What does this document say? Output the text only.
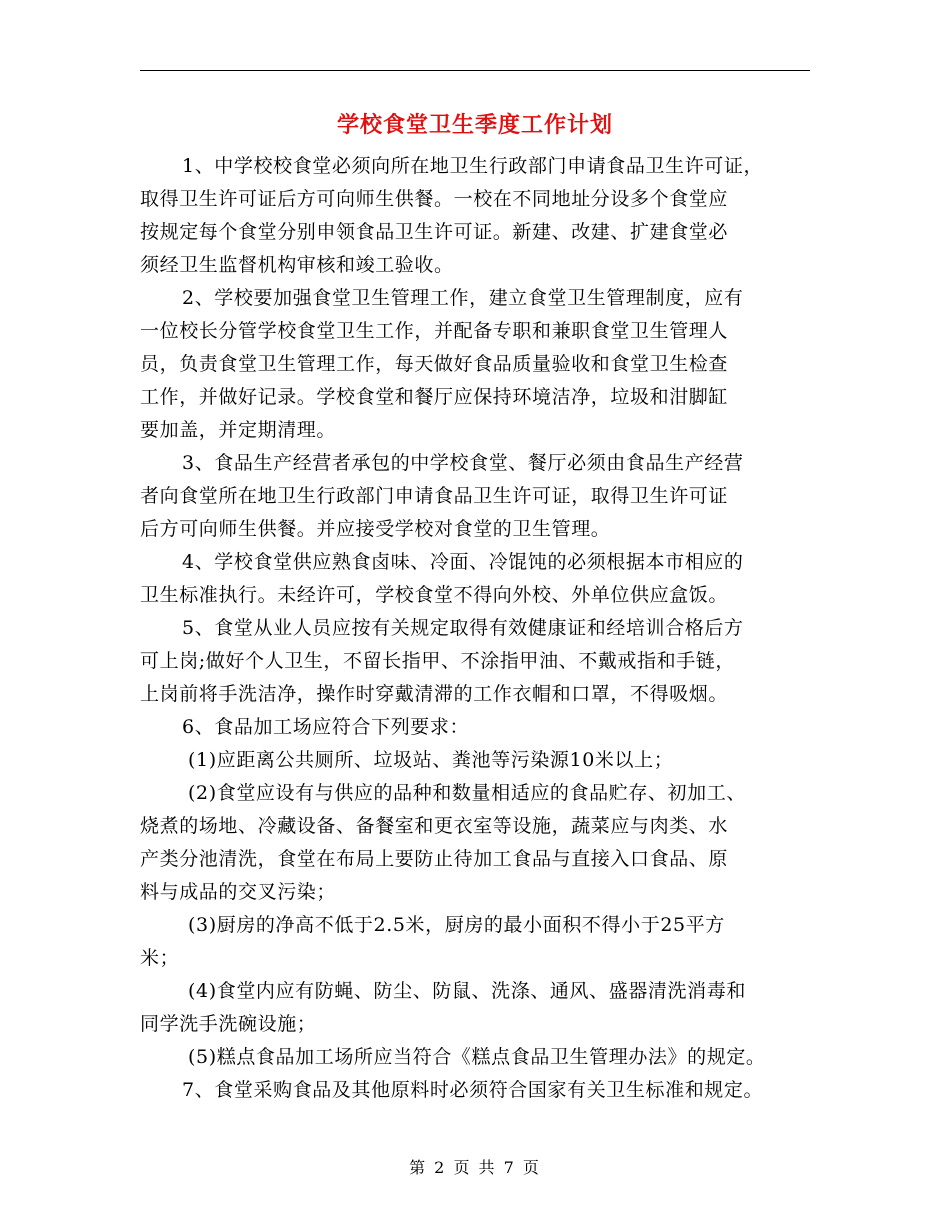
学校食堂卫生季度工作计划
1、中学校校食堂必须向所在地卫生行政部门申请食品卫生许可证，
取得卫生许可证后方可向师生供餐。一校在不同地址分设多个食堂应
按规定每个食堂分别申领食品卫生许可证。新建、改建、扩建食堂必
须经卫生监督机构审核和竣工验收。
2、学校要加强食堂卫生管理工作，建立食堂卫生管理制度，应有
一位校长分管学校食堂卫生工作，并配备专职和兼职食堂卫生管理人
员，负责食堂卫生管理工作，每天做好食品质量验收和食堂卫生检查
工作，并做好记录。学校食堂和餐厅应保持环境洁净，垃圾和泔脚缸
要加盖，并定期清理。
3、食品生产经营者承包的中学校食堂、餐厅必须由食品生产经营
者向食堂所在地卫生行政部门申请食品卫生许可证，取得卫生许可证
后方可向师生供餐。并应接受学校对食堂的卫生管理。
4、学校食堂供应熟食卤味、冷面、冷馄饨的必须根据本市相应的
卫生标准执行。未经许可，学校食堂不得向外校、外单位供应盒饭。
5、食堂从业人员应按有关规定取得有效健康证和经培训合格后方
可上岗;做好个人卫生，不留长指甲、不涂指甲油、不戴戒指和手链，
上岗前将手洗洁净，操作时穿戴清滞的工作衣帽和口罩，不得吸烟。
6、食品加工场应符合下列要求：
(1)应距离公共厕所、垃圾站、粪池等污染源10米以上；
(2)食堂应设有与供应的品种和数量相适应的食品贮存、初加工、
烧煮的场地、冷藏设备、备餐室和更衣室等设施，蔬菜应与肉类、水
产类分池清洗，食堂在布局上要防止待加工食品与直接入口食品、原
料与成品的交叉污染；
(3)厨房的净高不低于2.5米，厨房的最小面积不得小于25平方
米；
(4)食堂内应有防蝇、防尘、防鼠、洗涤、通风、盛器清洗消毒和
同学洗手洗碗设施；
(5)糕点食品加工场所应当符合《糕点食品卫生管理办法》的规定。
7、食堂采购食品及其他原料时必须符合国家有关卫生标准和规定。
第 2 页 共 7 页
